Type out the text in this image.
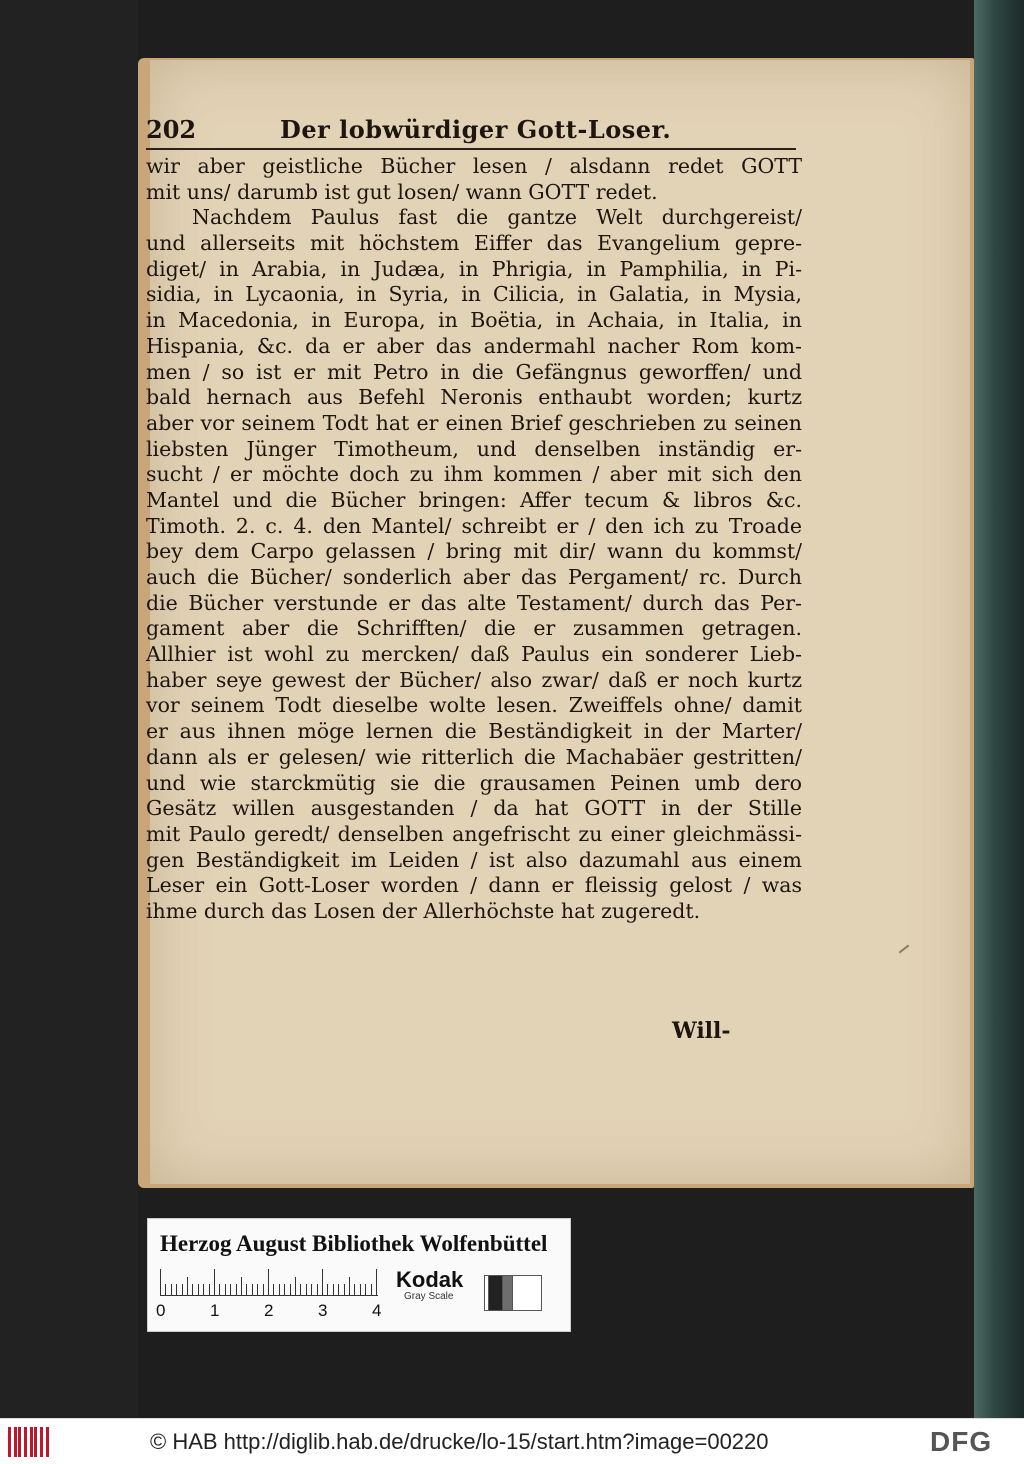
202	Der lobwürdiger Gott-Loser.
wir aber geistliche Bücher lesen / alsdann redet GOTT
mit uns/ darumb ist gut losen/ wann GOTT redet.
Nachdem Paulus fast die gantze Welt durchgereist/
und allerseits mit höchstem Eiffer das Evangelium gepre-
diget/ in Arabia, in Judæa, in Phrigia, in Pamphilia, in Pi-
sidia, in Lycaonia, in Syria, in Cilicia, in Galatia, in Mysia,
in Macedonia, in Europa, in Boëtia, in Achaia, in Italia, in
Hispania, &c. da er aber das andermahl nacher Rom kom-
men / so ist er mit Petro in die Gefängnus geworffen/ und
bald hernach aus Befehl Neronis enthaubt worden; kurtz
aber vor seinem Todt hat er einen Brief geschrieben zu seinen
liebsten Jünger Timotheum, und denselben inständig er-
sucht / er möchte doch zu ihm kommen / aber mit sich den
Mantel und die Bücher bringen: Affer tecum & libros &c.
Timoth. 2. c. 4. den Mantel/ schreibt er / den ich zu Troade
bey dem Carpo gelassen / bring mit dir/ wann du kommst/
auch die Bücher/ sonderlich aber das Pergament/ rc. Durch
die Bücher verstunde er das alte Testament/ durch das Per-
gament aber die Schrifften/ die er zusammen getragen.
Allhier ist wohl zu mercken/ daß Paulus ein sonderer Lieb-
haber seye gewest der Bücher/ also zwar/ daß er noch kurtz
vor seinem Todt dieselbe wolte lesen. Zweiffels ohne/ damit
er aus ihnen möge lernen die Beständigkeit in der Marter/
dann als er gelesen/ wie ritterlich die Machabäer gestritten/
und wie starckmütig sie die grausamen Peinen umb dero
Gesätz willen ausgestanden / da hat GOTT in der Stille
mit Paulo geredt/ denselben angefrischt zu einer gleichmässi-
gen Beständigkeit im Leiden / ist also dazumahl aus einem
Leser ein Gott-Loser worden / dann er fleissig gelost / was
ihme durch das Losen der Allerhöchste hat zugeredt.
Will-
Herzog August Bibliothek Wolfenbüttel
0	1	2	3	4
Kodak
Gray Scale
© HAB http://diglib.hab.de/drucke/lo-15/start.htm?image=00220	DFG
